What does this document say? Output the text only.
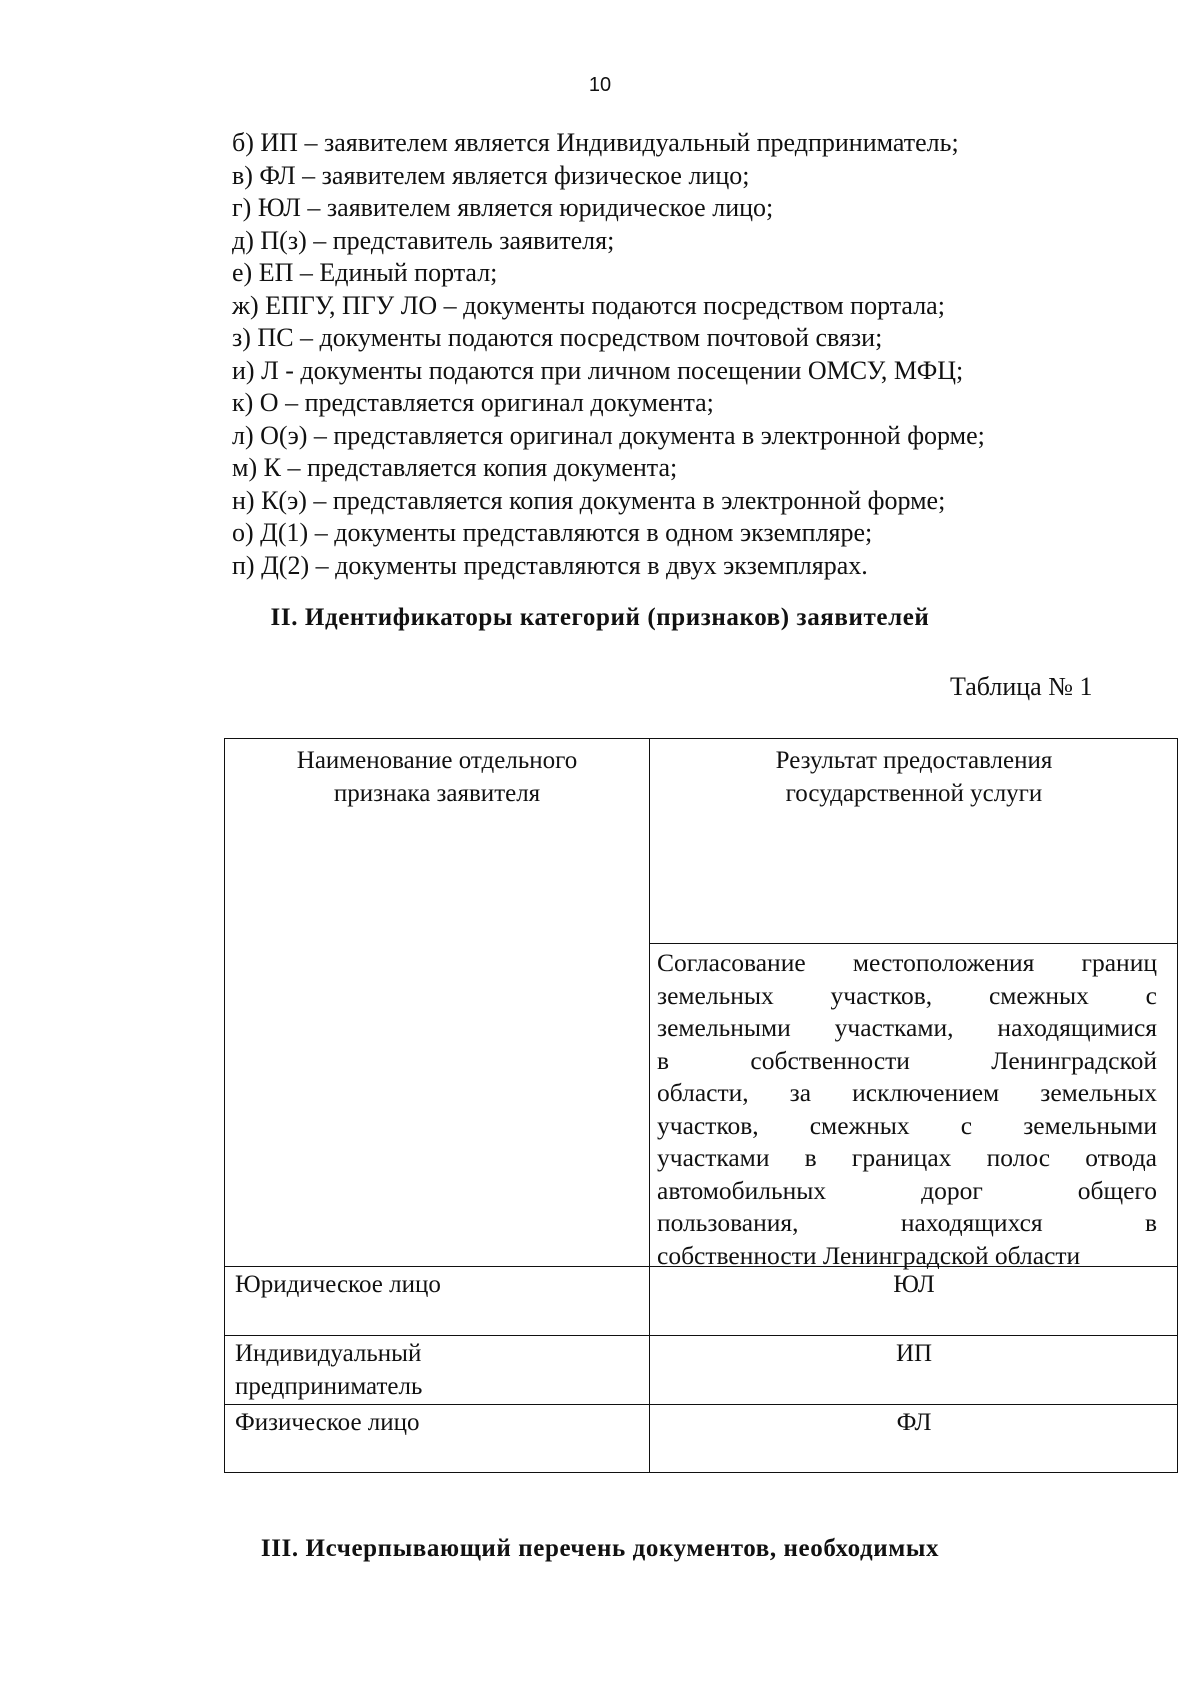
10
б) ИП – заявителем является Индивидуальный предприниматель;
в) ФЛ – заявителем является физическое лицо;
г) ЮЛ – заявителем является юридическое лицо;
д) П(з) – представитель заявителя;
е) ЕП – Единый портал;
ж) ЕПГУ, ПГУ ЛО – документы подаются посредством портала;
з) ПС – документы подаются посредством почтовой связи;
и) Л - документы подаются при личном посещении ОМСУ, МФЦ;
к) О – представляется оригинал документа;
л) О(э) – представляется оригинал документа в электронной форме;
м) К – представляется копия документа;
н) К(э) – представляется копия документа в электронной форме;
о) Д(1) – документы представляются в одном экземпляре;
п) Д(2) – документы представляются в двух экземплярах.
II. Идентификаторы категорий (признаков) заявителей
Таблица № 1
Наименование отдельного признака заявителя
Результат предоставления государственной услуги
Согласование местоположения границ
земельных участков, смежных с
земельными участками, находящимися
в собственности Ленинградской
области, за исключением земельных
участков, смежных с земельными
участками в границах полос отвода
автомобильных дорог общего
пользования, находящихся в
собственности Ленинградской области
Юридическое лицо	ЮЛ
Индивидуальный предприниматель
ИП
Физическое лицо	ФЛ
III. Исчерпывающий перечень документов, необходимых
